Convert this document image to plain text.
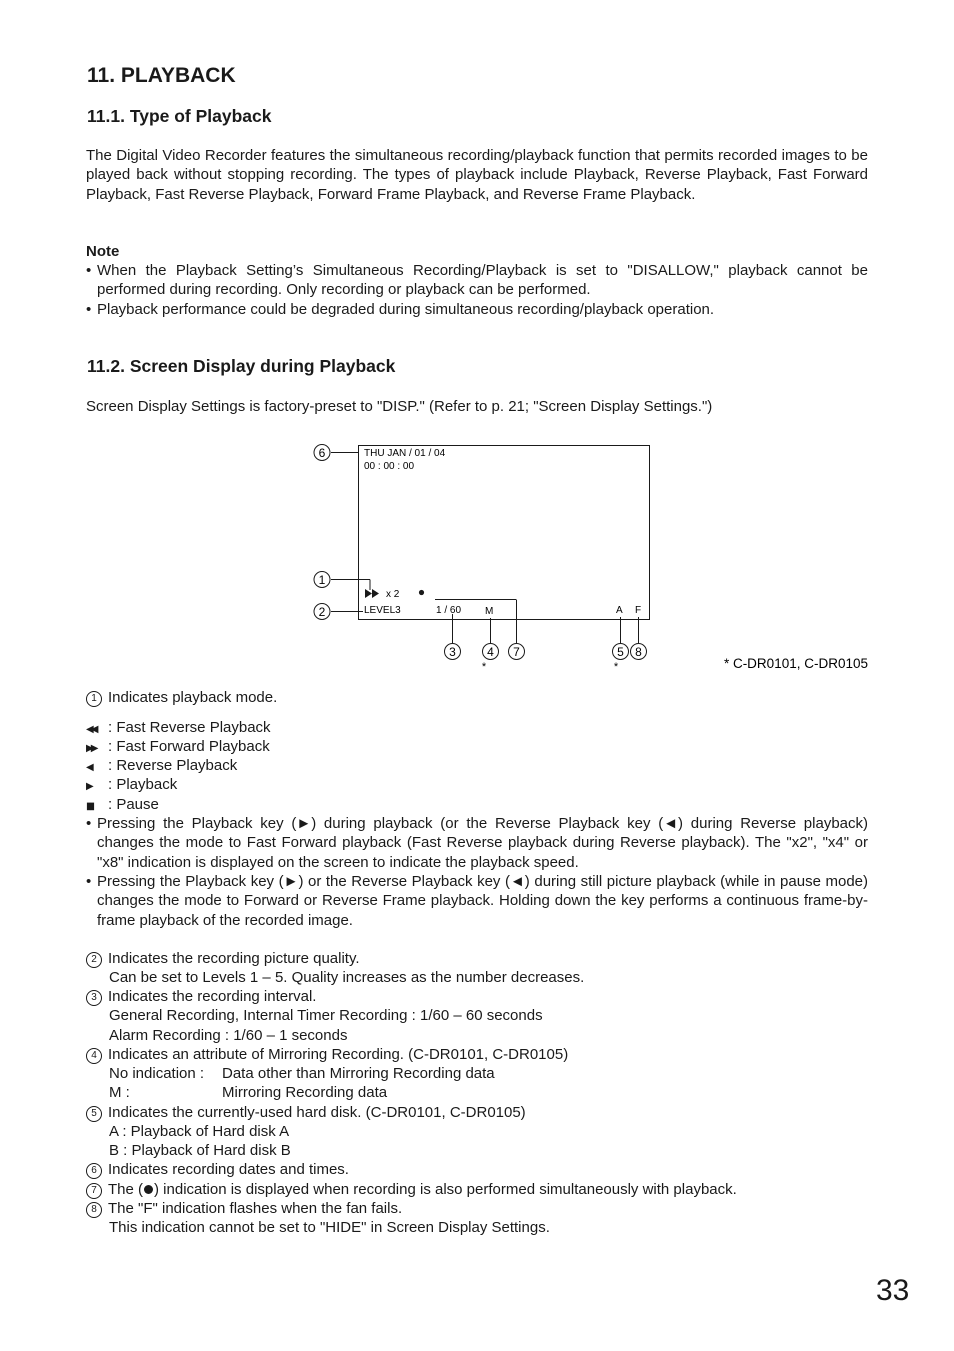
11. PLAYBACK
11.1. Type of Playback
The Digital Video Recorder features the simultaneous recording/playback function that permits recorded images to be played back without stopping recording. The types of playback include Playback, Reverse Playback, Fast Forward Playback, Fast Reverse Playback, Forward Frame Playback, and Reverse Frame Playback.
Note
• When the Playback Setting’s Simultaneous Recording/Playback is set to "DISALLOW," playback cannot be performed during recording. Only recording or playback can be performed.
• Playback performance could be degraded during simultaneous recording/playback operation.
11.2. Screen Display during Playback
Screen Display Settings is factory-preset to "DISP." (Refer to p. 21; "Screen Display Settings.")
THU JAN / 01 / 04
00 : 00 : 00
x 2
LEVEL3	1 / 60 M	A F
6
1
2
3	4 7	5 8
*	*	* C-DR0101, C-DR0105
1 Indicates playback mode.
◀◀ : Fast Reverse Playback
▶▶ : Fast Forward Playback
◀ : Reverse Playback
▶ : Playback
▮▮ : Pause
• Pressing the Playback key (►) during playback (or the Reverse Playback key (◄) during Reverse playback) changes the mode to Fast Forward playback (Fast Reverse playback during Reverse playback). The "x2", "x4" or "x8" indication is displayed on the screen to indicate the playback speed.
• Pressing the Playback key (►) or the Reverse Playback key (◄) during still picture playback (while in pause mode) changes the mode to Forward or Reverse Frame playback. Holding down the key performs a continuous frame-by-frame playback of the recorded image.
2 Indicates the recording picture quality.
Can be set to Levels 1 – 5. Quality increases as the number decreases.
3 Indicates the recording interval.
General Recording, Internal Timer Recording : 1/60 – 60 seconds
Alarm Recording : 1/60 – 1 seconds
4 Indicates an attribute of Mirroring Recording. (C-DR0101, C-DR0105)
No indication : Data other than Mirroring Recording data
M :	Mirroring Recording data
5 Indicates the currently-used hard disk. (C-DR0101, C-DR0105)
A : Playback of Hard disk A
B : Playback of Hard disk B
6 Indicates recording dates and times.
7 The ( ) indication is displayed when recording is also performed simultaneously with playback.
8 The "F" indication flashes when the fan fails.
This indication cannot be set to "HIDE" in Screen Display Settings.
33
